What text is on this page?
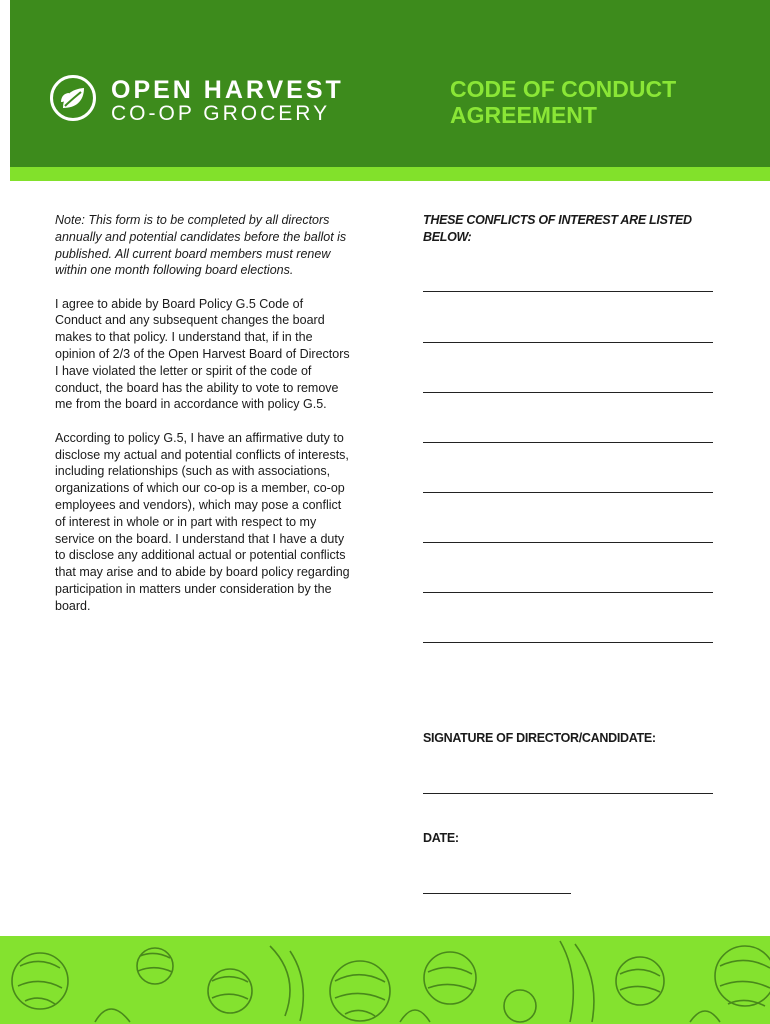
OPEN HARVEST
CO-OP GROCERY
CODE OF CONDUCT
AGREEMENT

Note: This form is to be completed by all directors annually and potential candidates before the ballot is published. All current board members must renew within one month following board elections.

I agree to abide by Board Policy G.5 Code of Conduct and any subsequent changes the board makes to that policy. I understand that, if in the opinion of 2/3 of the Open Harvest Board of Directors I have violated the letter or spirit of the code of conduct, the board has the ability to vote to remove me from the board in accordance with policy G.5.

According to policy G.5, I have an affirmative duty to disclose my actual and potential conflicts of interests, including relationships (such as with associations, organizations of which our co-op is a member, co-op employees and vendors), which may pose a conflict of interest in whole or in part with respect to my service on the board. I understand that I have a duty to disclose any additional actual or potential conflicts that may arise and to abide by board policy regarding participation in matters under consideration by the board.

THESE CONFLICTS OF INTEREST ARE LISTED BELOW:
SIGNATURE OF DIRECTOR/CANDIDATE:
DATE:
